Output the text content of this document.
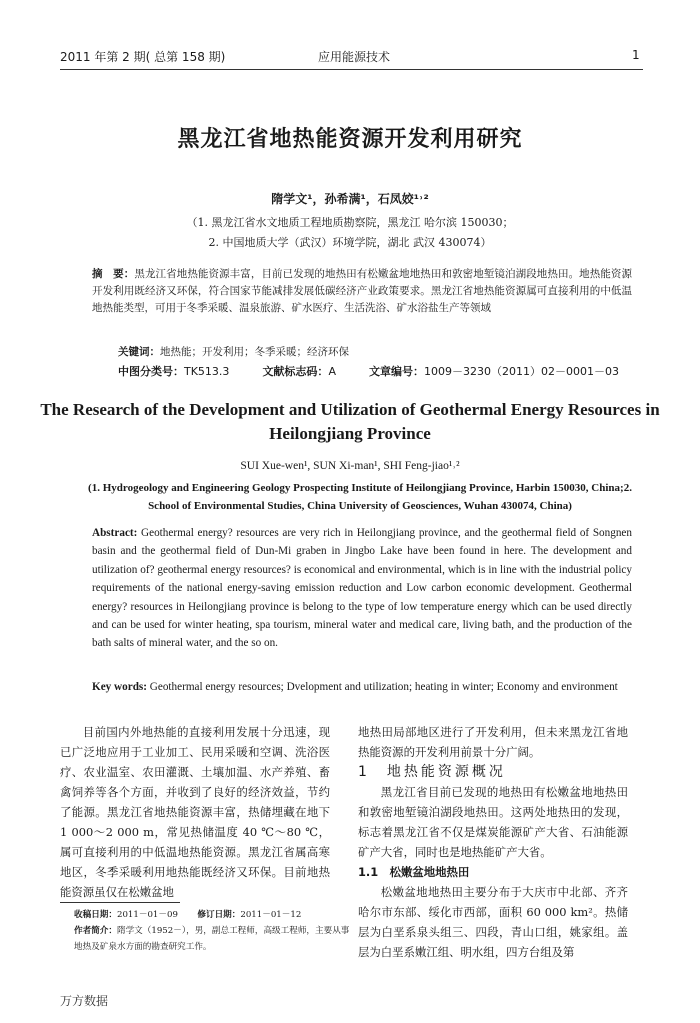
2011 年第 2 期( 总第 158 期)	应用能源技术	1
黑龙江省地热能资源开发利用研究
隋学文¹，孙希满¹，石凤姣¹˒²
（1. 黑龙江省水文地质工程地质勘察院，黑龙江 哈尔滨 150030；
2. 中国地质大学（武汉）环境学院，湖北 武汉 430074）
摘　要：黑龙江省地热能资源丰富，目前已发现的地热田有松嫩盆地地热田和敦密地堑镜泊湖段地热田。地热能资源开发利用既经济又环保，符合国家节能减排发展低碳经济产业政策要求。黑龙江省地热能资源属可直接利用的中低温地热能类型，可用于冬季采暖、温泉旅游、矿水医疗、生活洗浴、矿水浴盐生产等领域
关键词：地热能；开发利用；冬季采暖；经济环保
中图分类号：TK513.3	文献标志码：A	文章编号：1009－3230（2011）02－0001－03
The Research of the Development and Utilization of Geothermal Energy Resources in Heilongjiang Province
SUI Xue-wen¹, SUN Xi-man¹, SHI Feng-jiao¹˒²
(1. Hydrogeology and Engineering Geology Prospecting Institute of Heilongjiang Province, Harbin 150030, China;2. School of Environmental Studies, China University of Geosciences, Wuhan 430074, China)
Abstract: Geothermal energy? resources are very rich in Heilongjiang province, and the geothermal field of Songnen basin and the geothermal field of Dun-Mi graben in Jingbo Lake have been found in here. The development and utilization of? geothermal energy resources? is economical and environmental, which is in line with the industrial policy requirements of the national energy-saving emission reduction and Low carbon economic development. Geothermal energy? resources in Heilongjiang province is belong to the type of low temperature energy which can be used directly and can be used for winter heating, spa tourism, mineral water and medical care, living bath, and the production of the bath salts of mineral water, and the so on.
Key words: Geothermal energy resources; Dvelopment and utilization; heating in winter; Economy and environment

目前国内外地热能的直接利用发展十分迅速，现已广泛地应用于工业加工、民用采暖和空调、洗浴医疗、农业温室、农田灌溉、土壤加温、水产养殖、畜禽饲养等各个方面，并收到了良好的经济效益，节约了能源。黑龙江省地热能资源丰富，热储埋藏在地下 1 000～2 000 m，常见热储温度 40 ℃～80 ℃，属可直接利用的中低温地热能资源。黑龙江省属高寒地区，冬季采暖利用地热能既经济又环保。目前地热能资源虽仅在松嫩盆地

地热田局部地区进行了开发利用，但未来黑龙江省地热能资源的开发利用前景十分广阔。

1　地热能资源概况

黑龙江省目前已发现的地热田有松嫩盆地地热田和敦密地堑镜泊湖段地热田。这两处地热田的发现，标志着黑龙江省不仅是煤炭能源矿产大省、石油能源矿产大省，同时也是地热能矿产大省。

1.1　松嫩盆地地热田

松嫩盆地地热田主要分布于大庆市中北部、齐齐哈尔市东部、绥化市西部，面积 60 000 km²。热储层为白垩系泉头组三、四段，青山口组，姚家组。盖层为白垩系嫩江组、明水组，四方台组及第

收稿日期：2011－01－09 修订日期：2011－01－12
作者简介：隋学文（1952－），男，副总工程师，高级工程师，主要从事地热及矿泉水方面的勘查研究工作。
万方数据
